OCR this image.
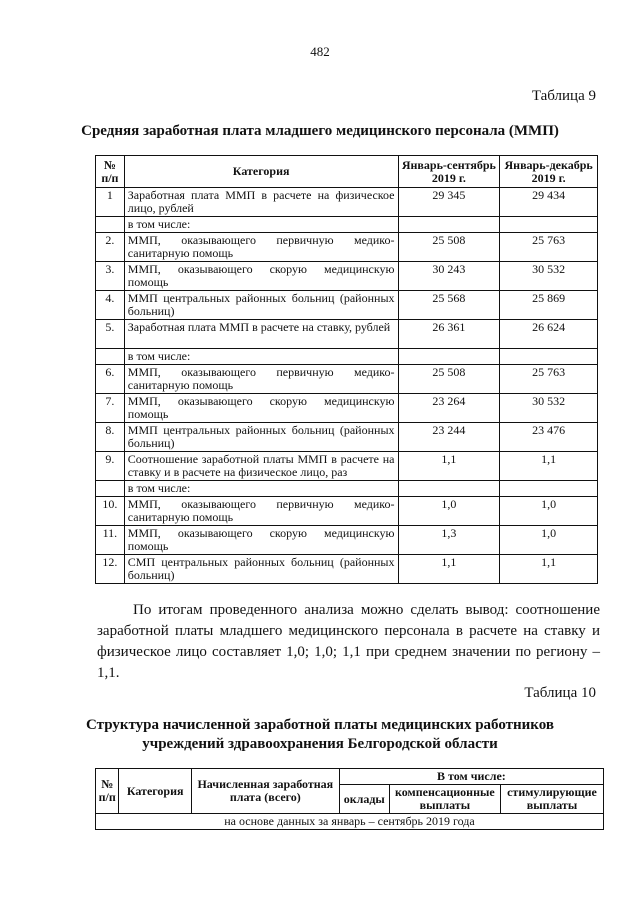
482
Таблица 9
Средняя заработная плата младшего медицинского персонала (ММП)
№ п/п	Категория	Январь-сентябрь 2019 г.	Январь-декабрь 2019 г.
1	Заработная плата ММП в расчете на физическое лицо, рублей	29 345	29 434
	в том числе:		
2.	ММП, оказывающего первичную медико-санитарную помощь	25 508	25 763
3.	ММП, оказывающего скорую медицинскую помощь	30 243	30 532
4.	ММП центральных районных больниц (районных больниц)	25 568	25 869
5.	Заработная плата ММП в расчете на ставку, рублей	26 361	26 624
	в том числе:		
6.	ММП, оказывающего первичную медико-санитарную помощь	25 508	25 763
7.	ММП, оказывающего скорую медицинскую помощь	23 264	30 532
8.	ММП центральных районных больниц (районных больниц)	23 244	23 476
9.	Соотношение заработной платы ММП в расчете на ставку и в расчете на физическое лицо, раз	1,1	1,1
	в том числе:		
10.	ММП, оказывающего первичную медико-санитарную помощь	1,0	1,0
11.	ММП, оказывающего скорую медицинскую помощь	1,3	1,0
12.	СМП центральных районных больниц (районных больниц)	1,1	1,1
По итогам проведенного анализа можно сделать вывод: соотношение заработной платы младшего медицинского персонала в расчете на ставку и физическое лицо составляет 1,0; 1,0; 1,1 при среднем значении по региону – 1,1.
Таблица 10
Структура начисленной заработной платы медицинских работников
учреждений здравоохранения Белгородской области
№ п/п	Категория	Начисленная заработная плата (всего)	В том числе:		
			оклады	компенсационные выплаты	стимулирующие выплаты
на основе данных за январь – сентябрь 2019 года					
